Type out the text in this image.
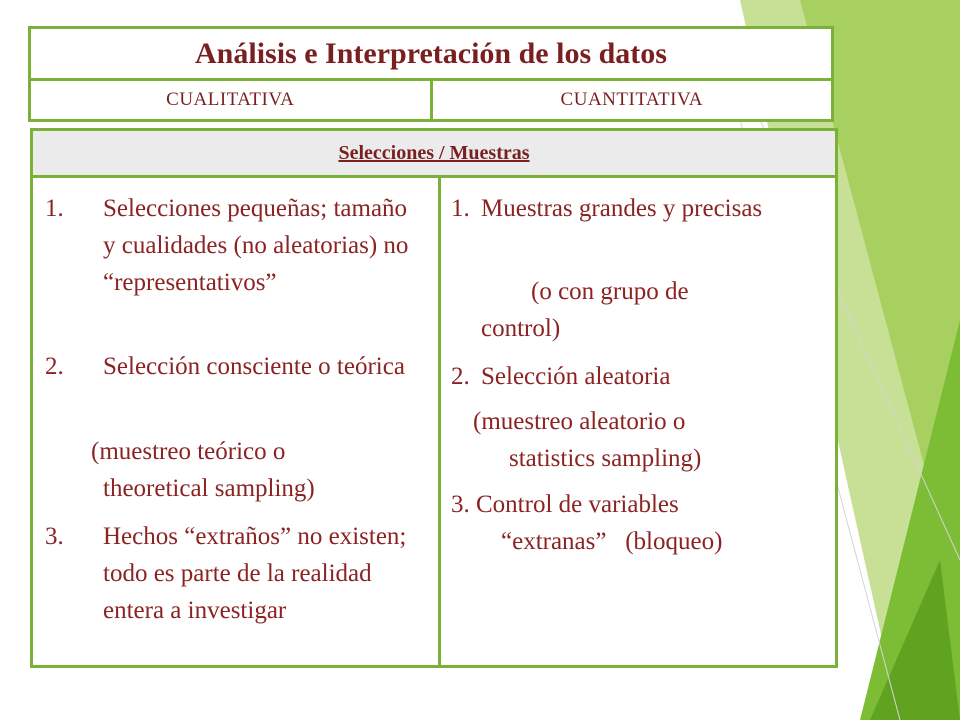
Análisis e Interpretación de los datos
CUALITATIVA	CUANTITATIVA
Selecciones / Muestras
1. Selecciones pequeñas; tamaño y cualidades (no aleatorias) no “representativos”
2. Selección consciente o teórica
(muestreo teórico o
theoretical sampling)
3. Hechos “extraños” no existen; todo es parte de la realidad entera a investigar
1. Muestras grandes y precisas
(o con grupo de
control)
2. Selección aleatoria
(muestreo aleatorio o
statistics sampling)
3. Control de variables
“extranas”   (bloqueo)
